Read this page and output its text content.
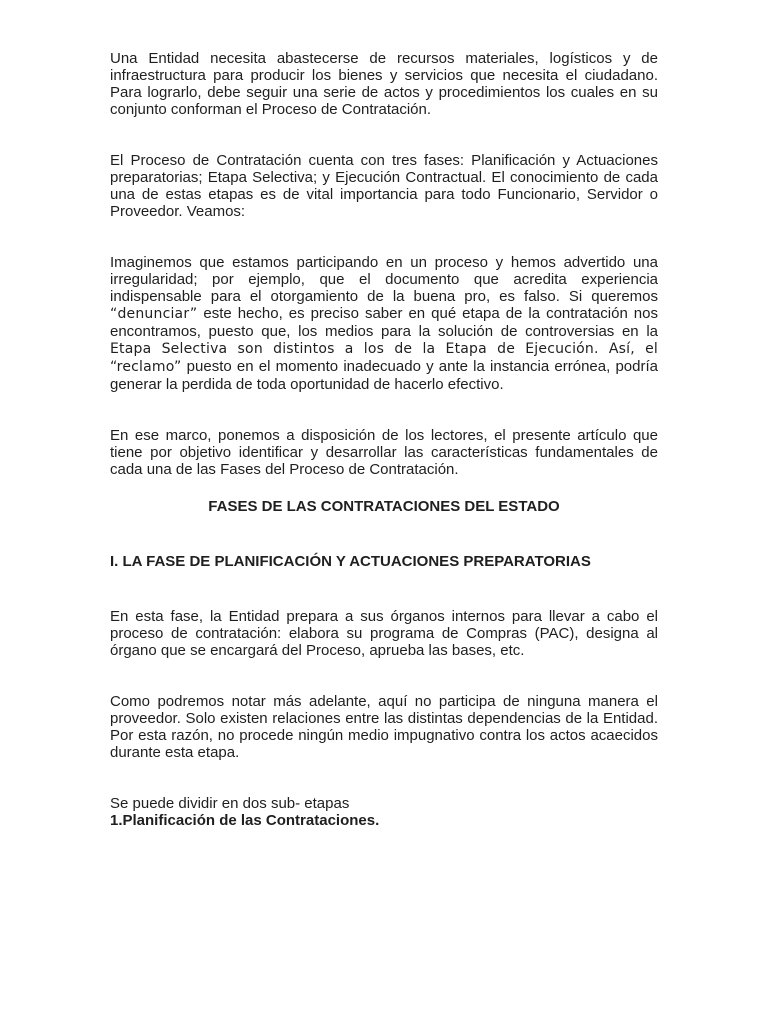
Una Entidad necesita abastecerse de recursos materiales, logísticos y de infraestructura para producir los bienes y servicios que necesita el ciudadano. Para lograrlo, debe seguir una serie de actos y procedimientos los cuales en su conjunto conforman el Proceso de Contratación.

El Proceso de Contratación cuenta con tres fases: Planificación y Actuaciones preparatorias; Etapa Selectiva; y Ejecución Contractual. El conocimiento de cada una de estas etapas es de vital importancia para todo Funcionario, Servidor o Proveedor. Veamos:

Imaginemos que estamos participando en un proceso y hemos advertido una irregularidad; por ejemplo, que el documento que acredita experiencia indispensable para el otorgamiento de la buena pro, es falso. Si queremos “denunciar” este hecho, es preciso saber en qué etapa de la contratación nos encontramos, puesto que, los medios para la solución de controversias en la Etapa Selectiva son distintos a los de la Etapa de Ejecución. Así, el “reclamo” puesto en el momento inadecuado y ante la instancia errónea, podría generar la perdida de toda oportunidad de hacerlo efectivo.

En ese marco, ponemos a disposición de los lectores, el presente artículo que tiene por objetivo identificar y desarrollar las características fundamentales de cada una de las Fases del Proceso de Contratación.

FASES DE LAS CONTRATACIONES DEL ESTADO

I. LA FASE DE PLANIFICACIÓN Y ACTUACIONES PREPARATORIAS

En esta fase, la Entidad prepara a sus órganos internos para llevar a cabo el proceso de contratación: elabora su programa de Compras (PAC), designa al órgano que se encargará del Proceso, aprueba las bases, etc.

Como podremos notar más adelante, aquí no participa de ninguna manera el proveedor. Solo existen relaciones entre las distintas dependencias de la Entidad. Por esta razón, no procede ningún medio impugnativo contra los actos acaecidos durante esta etapa.

Se puede dividir en dos sub- etapas

1.Planificación de las Contrataciones.
